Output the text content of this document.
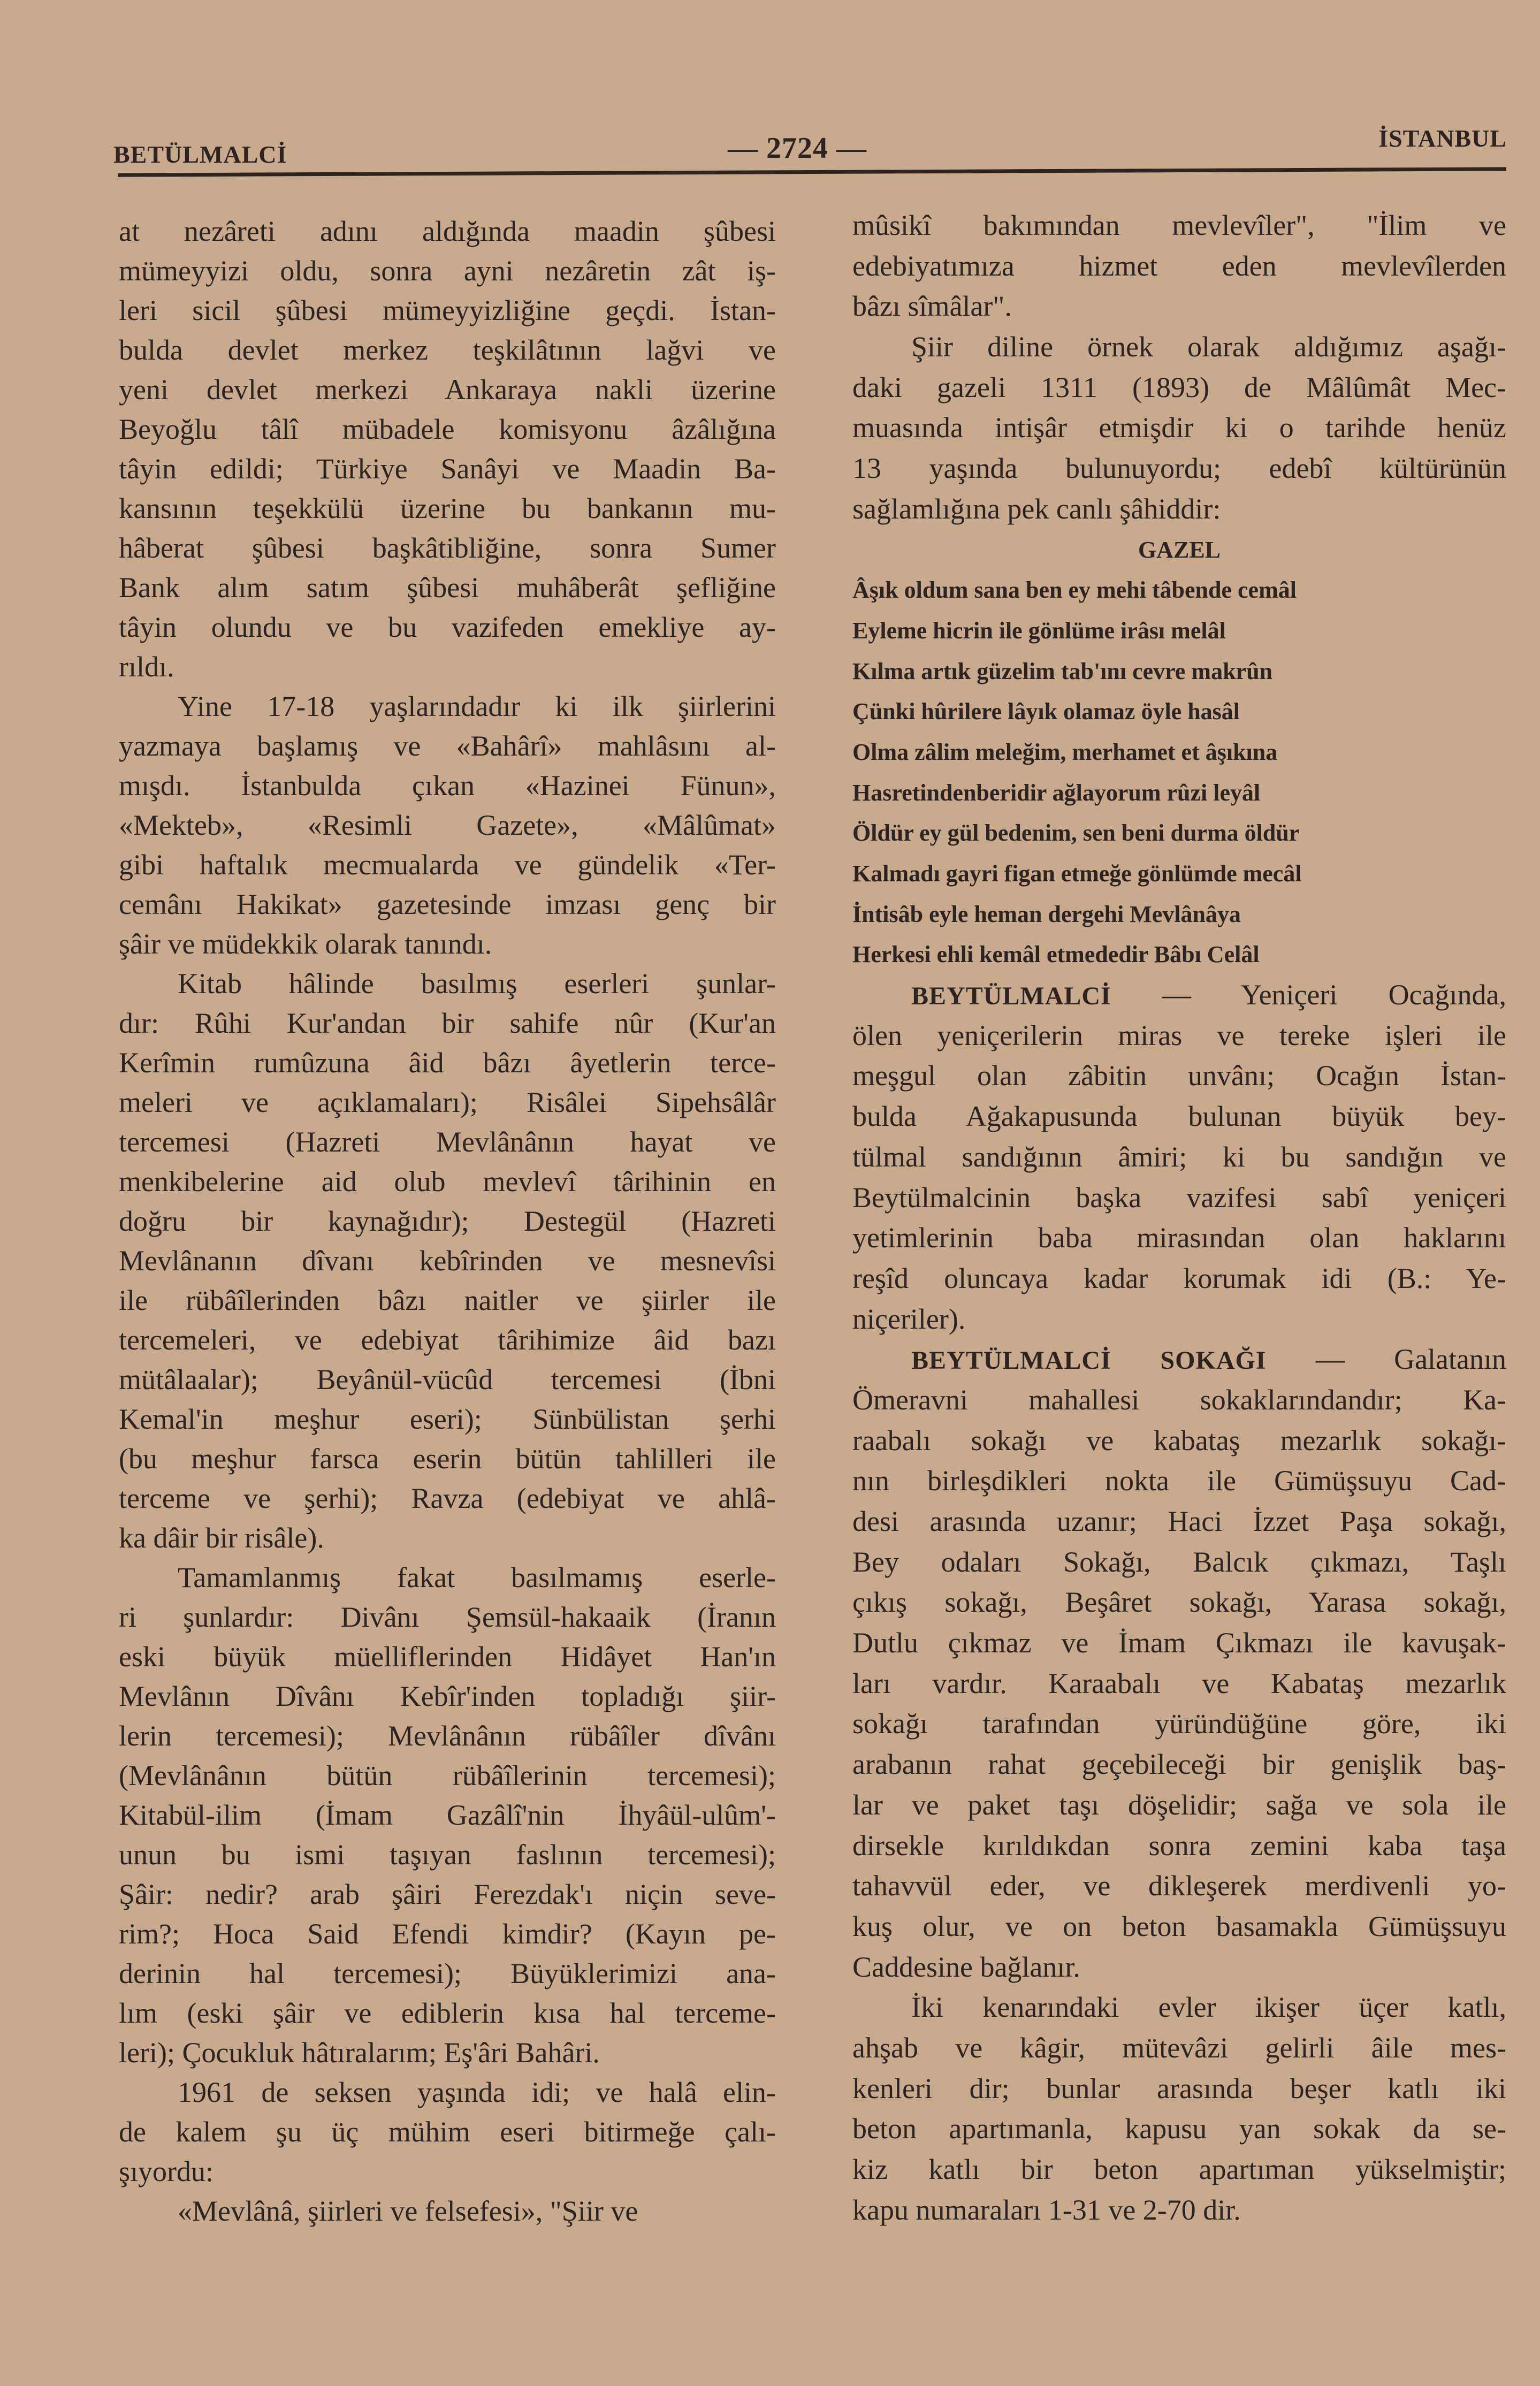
BETÜLMALCİ	— 2724 —	İSTANBUL
at nezâreti adını aldığında maadin şûbesi
mümeyyizi oldu, sonra ayni nezâretin zât iş-
leri sicil şûbesi mümeyyizliğine geçdi. İstan-
bulda devlet merkez teşkilâtının lağvi ve
yeni devlet merkezi Ankaraya nakli üzerine
Beyoğlu tâlî mübadele komisyonu âzâlığına
tâyin edildi; Türkiye Sanâyi ve Maadin Ba-
kansının teşekkülü üzerine bu bankanın mu-
hâberat şûbesi başkâtibliğine, sonra Sumer
Bank alım satım şûbesi muhâberât şefliğine
tâyin olundu ve bu vazifeden emekliye ay-
rıldı.
Yine 17-18 yaşlarındadır ki ilk şiirlerini
yazmaya başlamış ve «Bahârî» mahlâsını al-
mışdı. İstanbulda çıkan «Hazinei Fünun»,
«Mekteb», «Resimli Gazete», «Mâlûmat»
gibi haftalık mecmualarda ve gündelik «Ter-
cemânı Hakikat» gazetesinde imzası genç bir
şâir ve müdekkik olarak tanındı.
Kitab hâlinde basılmış eserleri şunlar-
dır: Rûhi Kur'andan bir sahife nûr (Kur'an
Kerîmin rumûzuna âid bâzı âyetlerin terce-
meleri ve açıklamaları); Risâlei Sipehsâlâr
tercemesi (Hazreti Mevlânânın hayat ve
menkibelerine aid olub mevlevî târihinin en
doğru bir kaynağıdır); Destegül (Hazreti
Mevlânanın dîvanı kebîrinden ve mesnevîsi
ile rübâîlerinden bâzı naitler ve şiirler ile
tercemeleri, ve edebiyat târihimize âid bazı
mütâlaalar); Beyânül-vücûd tercemesi (İbni
Kemal'in meşhur eseri); Sünbülistan şerhi
(bu meşhur farsca eserin bütün tahlilleri ile
terceme ve şerhi); Ravza (edebiyat ve ahlâ-
ka dâir bir risâle).
Tamamlanmış fakat basılmamış eserle-
ri şunlardır: Divânı Şemsül-hakaaik (İranın
eski büyük müelliflerinden Hidâyet Han'ın
Mevlânın Dîvânı Kebîr'inden topladığı şiir-
lerin tercemesi); Mevlânânın rübâîler dîvânı
(Mevlânânın bütün rübâîlerinin tercemesi);
Kitabül-ilim (İmam Gazâlî'nin İhyâül-ulûm'-
unun bu ismi taşıyan faslının tercemesi);
Şâir: nedir? arab şâiri Ferezdak'ı niçin seve-
rim?; Hoca Said Efendi kimdir? (Kayın pe-
derinin hal tercemesi); Büyüklerimizi ana-
lım (eski şâir ve ediblerin kısa hal terceme-
leri); Çocukluk hâtıralarım; Eş'âri Bahâri.
1961 de seksen yaşında idi; ve halâ elin-
de kalem şu üç mühim eseri bitirmeğe çalı-
şıyordu:
«Mevlânâ, şiirleri ve felsefesi», "Şiir ve
mûsikî bakımından mevlevîler", "İlim ve
edebiyatımıza hizmet eden mevlevîlerden
bâzı sîmâlar".
Şiir diline örnek olarak aldığımız aşağı-
daki gazeli 1311 (1893) de Mâlûmât Mec-
muasında intişâr etmişdir ki o tarihde henüz
13 yaşında bulunuyordu; edebî kültürünün
sağlamlığına pek canlı şâhiddir:
GAZEL
Âşık oldum sana ben ey mehi tâbende cemâl
Eyleme hicrin ile gönlüme irâsı melâl
Kılma artık güzelim tab'ını cevre makrûn
Çünki hûrilere lâyık olamaz öyle hasâl
Olma zâlim meleğim, merhamet et âşıkına
Hasretindenberidir ağlayorum rûzi leyâl
Öldür ey gül bedenim, sen beni durma öldür
Kalmadı gayri figan etmeğe gönlümde mecâl
İntisâb eyle heman dergehi Mevlânâya
Herkesi ehli kemâl etmededir Bâbı Celâl
BEYTÜLMALCİ — Yeniçeri Ocağında,
ölen yeniçerilerin miras ve tereke işleri ile
meşgul olan zâbitin unvânı; Ocağın İstan-
bulda Ağakapusunda bulunan büyük bey-
tülmal sandığının âmiri; ki bu sandığın ve
Beytülmalcinin başka vazifesi sabî yeniçeri
yetimlerinin baba mirasından olan haklarını
reşîd oluncaya kadar korumak idi (B.: Ye-
niçeriler).
BEYTÜLMALCİ SOKAĞI — Galatanın
Ömeravni mahallesi sokaklarındandır; Ka-
raabalı sokağı ve kabataş mezarlık sokağı-
nın birleşdikleri nokta ile Gümüşsuyu Cad-
desi arasında uzanır; Haci İzzet Paşa sokağı,
Bey odaları Sokağı, Balcık çıkmazı, Taşlı
çıkış sokağı, Beşâret sokağı, Yarasa sokağı,
Dutlu çıkmaz ve İmam Çıkmazı ile kavuşak-
ları vardır. Karaabalı ve Kabataş mezarlık
sokağı tarafından yüründüğüne göre, iki
arabanın rahat geçebileceği bir genişlik baş-
lar ve paket taşı döşelidir; sağa ve sola ile
dirsekle kırıldıkdan sonra zemini kaba taşa
tahavvül eder, ve dikleşerek merdivenli yo-
kuş olur, ve on beton basamakla Gümüşsuyu
Caddesine bağlanır.
İki kenarındaki evler ikişer üçer katlı,
ahşab ve kâgir, mütevâzi gelirli âile mes-
kenleri dir; bunlar arasında beşer katlı iki
beton apartımanla, kapusu yan sokak da se-
kiz katlı bir beton apartıman yükselmiştir;
kapu numaraları 1-31 ve 2-70 dir.
